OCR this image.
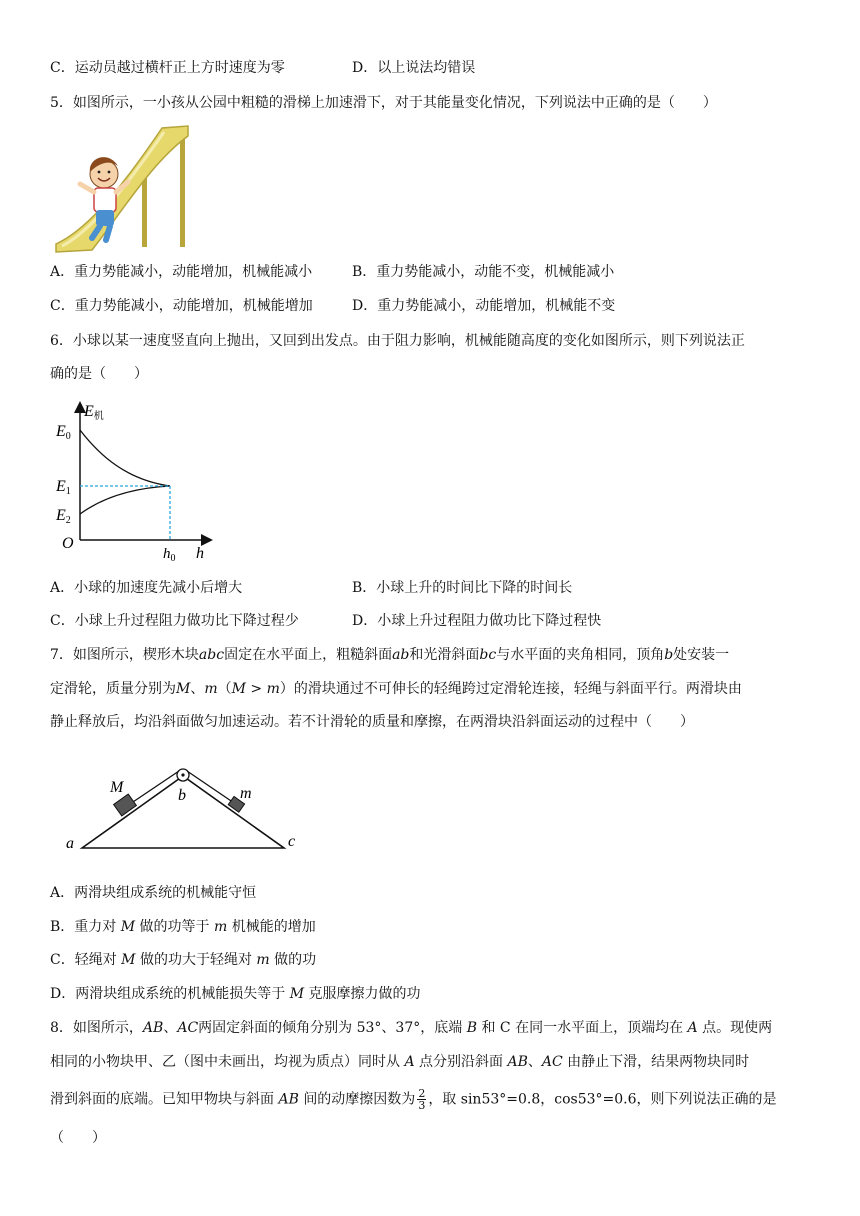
C．运动员越过横杆正上方时速度为零	D．以上说法均错误
5．如图所示，一小孩从公园中粗糙的滑梯上加速滑下，对于其能量变化情况，下列说法中正确的是（　　）
A．重力势能减小，动能增加，机械能减小	B．重力势能减小，动能不变，机械能减小
C．重力势能减小，动能增加，机械能增加	D．重力势能减小，动能增加，机械能不变
6．小球以某一速度竖直向上抛出，又回到出发点。由于阻力影响，机械能随高度的变化如图所示，则下列说法正
确的是（　　）
E机
E0
E1
E2
O
$h_0$ h
A．小球的加速度先减小后增大	B．小球上升的时间比下降的时间长
C．小球上升过程阻力做功比下降过程少	D．小球上升过程阻力做功比下降过程快
7．如图所示，楔形木块abc固定在水平面上，粗糙斜面ab和光滑斜面bc与水平面的夹角相同，顶角b处安装一
定滑轮，质量分别为M、m（M > m）的滑块通过不可伸长的轻绳跨过定滑轮连接，轻绳与斜面平行。两滑块由
静止释放后，均沿斜面做匀加速运动。若不计滑轮的质量和摩擦，在两滑块沿斜面运动的过程中（　　）
M	m
b
a	c
A．两滑块组成系统的机械能守恒
B．重力对 M 做的功等于 m 机械能的增加
C．轻绳对 M 做的功大于轻绳对 m 做的功
D．两滑块组成系统的机械能损失等于 M 克服摩擦力做的功
8．如图所示，AB、AC两固定斜面的倾角分别为 53°、37°，底端 B 和 C 在同一水平面上，顶端均在 A 点。现使两
相同的小物块甲、乙（图中未画出，均视为质点）同时从 A 点分别沿斜面 AB、AC 由静止下滑，结果两物块同时
滑到斜面的底端。已知甲物块与斜面 AB 间的动摩擦因数为 $\frac{2}{3}$ ，取 sin53°=0.8，cos53°=0.6，则下列说法正确的是
（　　）
